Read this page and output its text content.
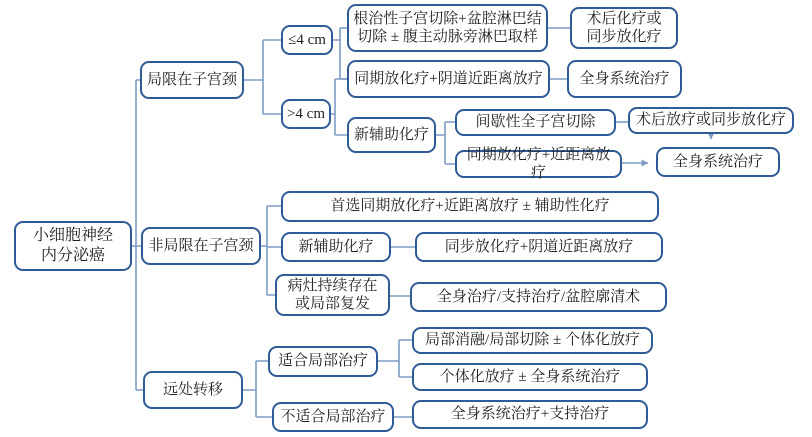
小细胞神经
内分泌癌
局限在子宫颈
≤4 cm
>4 cm
根治性子宫切除+盆腔淋巴结
切除 ± 腹主动脉旁淋巴取样
术后化疗或
同步放化疗
同期放化疗+阴道近距离放疗	全身系统治疗
新辅助化疗
间歇性全子宫切除	术后放疗或同步放化疗
同期放化疗+近距离放疗
全身系统治疗
非局限在子宫颈
首选同期放化疗+近距离放疗 ± 辅助性化疗
新辅助化疗	同步放化疗+阴道近距离放疗
病灶持续存在
或局部复发	全身治疗/支持治疗/盆腔廓清术
远处转移
适合局部治疗
不适合局部治疗
局部消融/局部切除 ± 个体化放疗
个体化放疗 ± 全身系统治疗
全身系统治疗+支持治疗
